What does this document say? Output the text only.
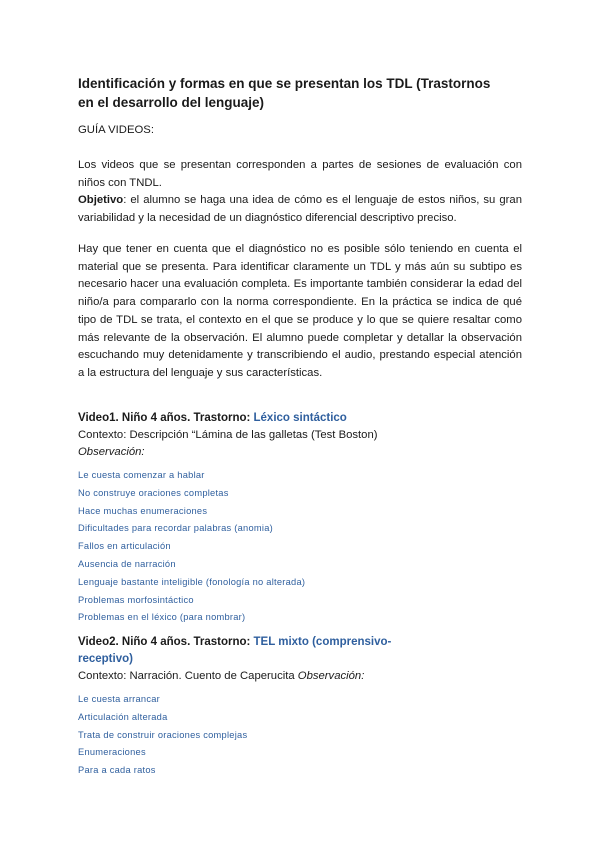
Identificación y formas en que se presentan los TDL (Trastornos en el desarrollo del lenguaje)
GUÍA VIDEOS:
Los videos que se presentan corresponden a partes de sesiones de evaluación con niños con TNDL.
Objetivo: el alumno se haga una idea de cómo es el lenguaje de estos niños, su gran variabilidad y la necesidad de un diagnóstico diferencial descriptivo preciso.
Hay que tener en cuenta que el diagnóstico no es posible sólo teniendo en cuenta el material que se presenta. Para identificar claramente un TDL y más aún su subtipo es necesario hacer una evaluación completa. Es importante también considerar la edad del niño/a para compararlo con la norma correspondiente. En la práctica se indica de qué tipo de TDL se trata, el contexto en el que se produce y lo que se quiere resaltar como más relevante de la observación. El alumno puede completar y detallar la observación escuchando muy detenidamente y transcribiendo el audio, prestando especial atención a la estructura del lenguaje y sus características.
Video1. Niño 4 años. Trastorno: Léxico sintáctico
Contexto: Descripción “Lámina de las galletas (Test Boston) Observación:
Le cuesta comenzar a hablar
No construye oraciones completas
Hace muchas enumeraciones
Dificultades para recordar palabras (anomia)
Fallos en articulación
Ausencia de narración
Lenguaje bastante inteligible (fonología no alterada)
Problemas morfosintáctico
Problemas en el léxico (para nombrar)
Video2. Niño 4 años. Trastorno: TEL mixto (comprensivo-receptivo)
Contexto: Narración. Cuento de Caperucita Observación:
Le cuesta arrancar
Articulación alterada
Trata de construir oraciones complejas
Enumeraciones
Para a cada ratos
